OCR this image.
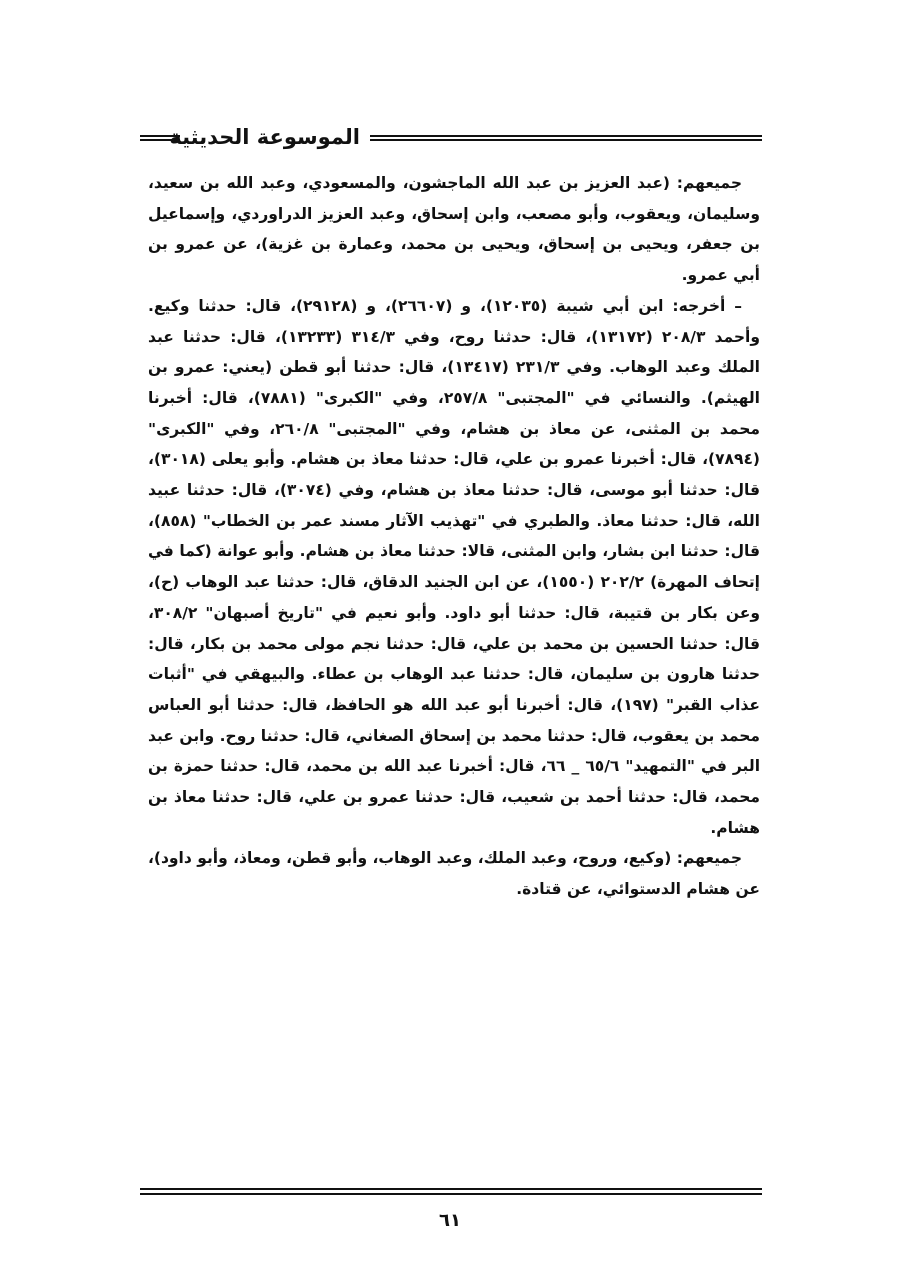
الموسوعة الحديثية

جميعهم: (عبد العزيز بن عبد الله الماجشون، والمسعودي، وعبد الله بن سعيد، وسليمان، ويعقوب، وأبو مصعب، وابن إسحاق، وعبد العزيز الدراوردي، وإسماعيل بن جعفر، ويحيى بن إسحاق، ويحيى بن محمد، وعمارة بن غزية)، عن عمرو بن أبي عمرو.

– أخرجه: ابن أبي شيبة (١٢٠٣٥)، و (٢٦٦٠٧)، و (٢٩١٢٨)، قال: حدثنا وكيع. وأحمد ٢٠٨/٣ (١٣١٧٢)، قال: حدثنا روح، وفي ٣١٤/٣ (١٣٢٣٣)، قال: حدثنا عبد الملك وعبد الوهاب. وفي ٢٣١/٣ (١٣٤١٧)، قال: حدثنا أبو قطن (يعني: عمرو بن الهيثم). والنسائي في "المجتبى" ٢٥٧/٨، وفي "الكبرى" (٧٨٨١)، قال: أخبرنا محمد بن المثنى، عن معاذ بن هشام، وفي "المجتبى" ٢٦٠/٨، وفي "الكبرى" (٧٨٩٤)، قال: أخبرنا عمرو بن علي، قال: حدثنا معاذ بن هشام. وأبو يعلى (٣٠١٨)، قال: حدثنا أبو موسى، قال: حدثنا معاذ بن هشام، وفي (٣٠٧٤)، قال: حدثنا عبيد الله، قال: حدثنا معاذ. والطبري في "تهذيب الآثار مسند عمر بن الخطاب" (٨٥٨)، قال: حدثنا ابن بشار، وابن المثنى، قالا: حدثنا معاذ بن هشام. وأبو عوانة (كما في إتحاف المهرة) ٢٠٢/٢ (١٥٥٠)، عن ابن الجنيد الدقاق، قال: حدثنا عبد الوهاب (ح)، وعن بكار بن قتيبة، قال: حدثنا أبو داود. وأبو نعيم في "تاريخ أصبهان" ٣٠٨/٢، قال: حدثنا الحسين بن محمد بن علي، قال: حدثنا نجم مولى محمد بن بكار، قال: حدثنا هارون بن سليمان، قال: حدثنا عبد الوهاب بن عطاء. والبيهقي في "أثبات عذاب القبر" (١٩٧)، قال: أخبرنا أبو عبد الله هو الحافظ، قال: حدثنا أبو العباس محمد بن يعقوب، قال: حدثنا محمد بن إسحاق الصغاني، قال: حدثنا روح. وابن عبد البر في "التمهيد" ٦٥/٦ _ ٦٦، قال: أخبرنا عبد الله بن محمد، قال: حدثنا حمزة بن محمد، قال: حدثنا أحمد بن شعيب، قال: حدثنا عمرو بن علي، قال: حدثنا معاذ بن هشام.

جميعهم: (وكيع، وروح، وعبد الملك، وعبد الوهاب، وأبو قطن، ومعاذ، وأبو داود)، عن هشام الدستوائي، عن قتادة.

٦١
